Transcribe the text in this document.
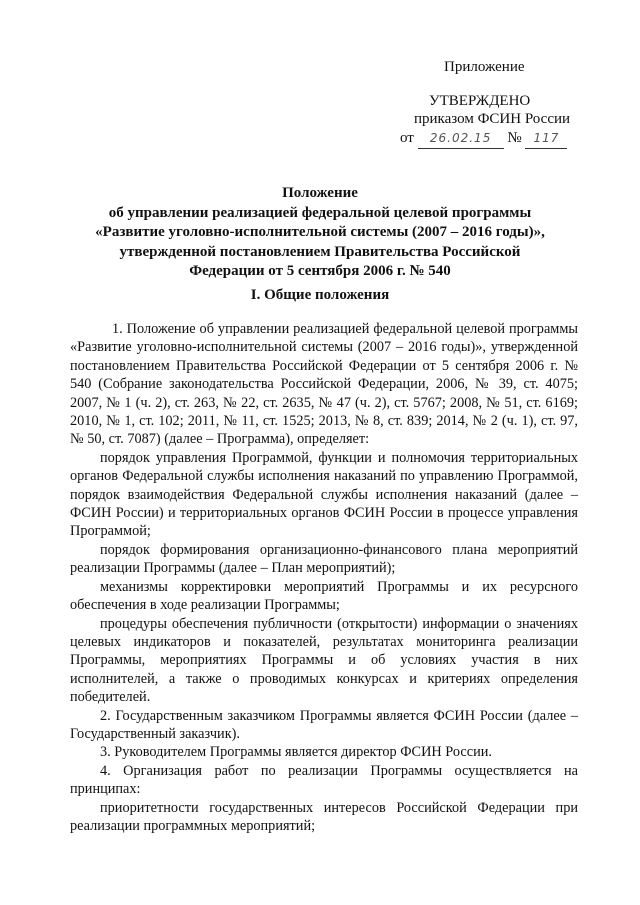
Приложение
УТВЕРЖДЕНО
приказом ФСИН России
от 26.02.15 № 117
Положение
об управлении реализацией федеральной целевой программы
«Развитие уголовно-исполнительной системы (2007 – 2016 годы)»,
утвержденной постановлением Правительства Российской
Федерации от 5 сентября 2006 г. № 540
I. Общие положения

1. Положение об управлении реализацией федеральной целевой программы «Развитие уголовно-исполнительной системы (2007 – 2016 годы)», утвержденной постановлением Правительства Российской Федерации от 5 сентября 2006 г. № 540 (Собрание законодательства Российской Федерации, 2006, № 39, ст. 4075; 2007, № 1 (ч. 2), ст. 263, № 22, ст. 2635, № 47 (ч. 2), ст. 5767; 2008, № 51, ст. 6169; 2010, № 1, ст. 102; 2011, № 11, ст. 1525; 2013, № 8, ст. 839; 2014, № 2 (ч. 1), ст. 97, № 50, ст. 7087) (далее – Программа), определяет:

порядок управления Программой, функции и полномочия территориальных органов Федеральной службы исполнения наказаний по управлению Программой, порядок взаимодействия Федеральной службы исполнения наказаний (далее – ФСИН России) и территориальных органов ФСИН России в процессе управления Программой;

порядок формирования организационно-финансового плана мероприятий реализации Программы (далее – План мероприятий);

механизмы корректировки мероприятий Программы и их ресурсного обеспечения в ходе реализации Программы;

процедуры обеспечения публичности (открытости) информации о значениях целевых индикаторов и показателей, результатах мониторинга реализации Программы, мероприятиях Программы и об условиях участия в них исполнителей, а также о проводимых конкурсах и критериях определения победителей.

2. Государственным заказчиком Программы является ФСИН России (далее – Государственный заказчик).

3. Руководителем Программы является директор ФСИН России.

4. Организация работ по реализации Программы осуществляется на принципах:

приоритетности государственных интересов Российской Федерации при реализации программных мероприятий;
